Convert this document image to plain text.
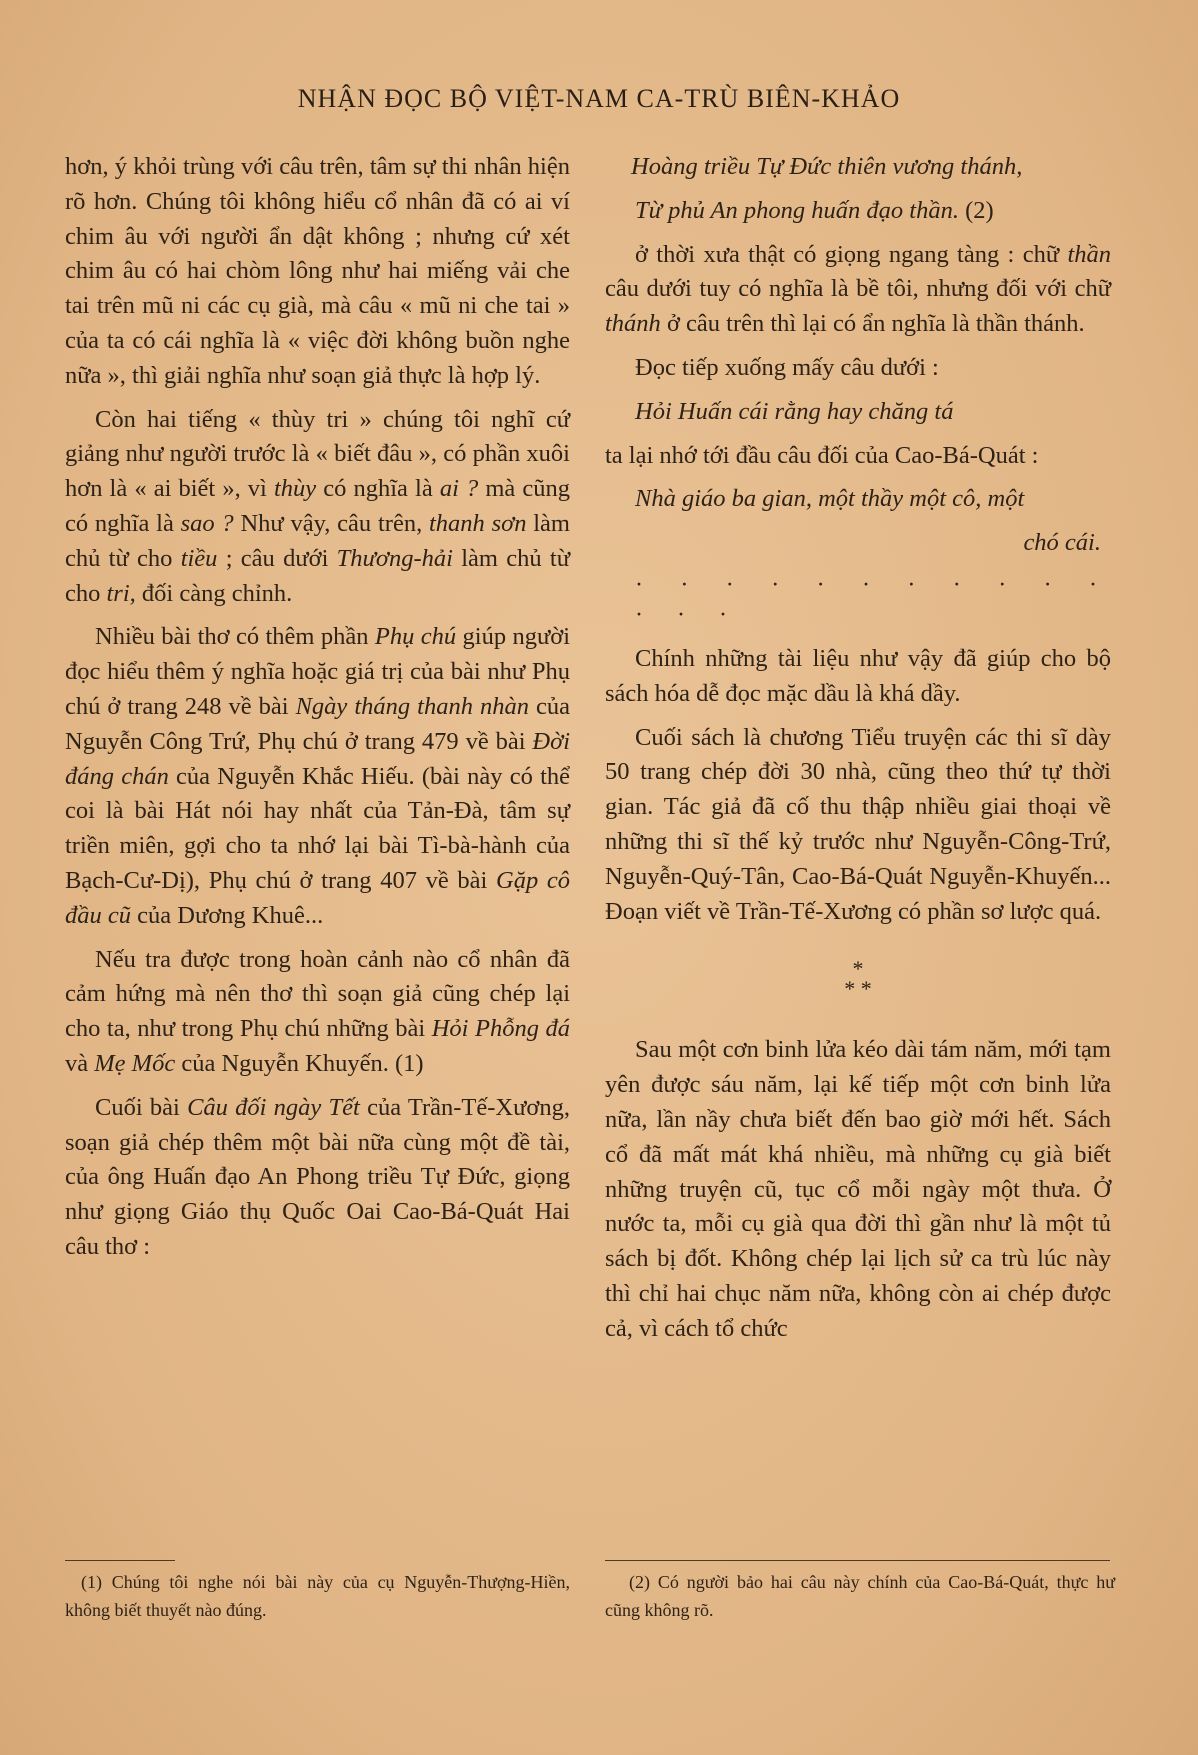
NHẬN ĐỌC BỘ VIỆT-NAM CA-TRÙ BIÊN-KHẢO

hơn, ý khỏi trùng với câu trên, tâm sự thi nhân hiện rõ hơn. Chúng tôi không hiểu cổ nhân đã có ai ví chim âu với người ẩn dật không ; nhưng cứ xét chim âu có hai chòm lông như hai miếng vải che tai trên mũ ni các cụ già, mà câu « mũ ni che tai » của ta có cái nghĩa là « việc đời không buồn nghe nữa », thì giải nghĩa như soạn giả thực là hợp lý.

Còn hai tiếng « thùy tri » chúng tôi nghĩ cứ giảng như người trước là « biết đâu », có phần xuôi hơn là « ai biết », vì thùy có nghĩa là ai ? mà cũng có nghĩa là sao ? Như vậy, câu trên, thanh sơn làm chủ từ cho tiều ; câu dưới Thương-hải làm chủ từ cho tri, đối càng chỉnh.

Nhiều bài thơ có thêm phần Phụ chú giúp người đọc hiểu thêm ý nghĩa hoặc giá trị của bài như Phụ chú ở trang 248 về bài Ngày tháng thanh nhàn của Nguyễn Công Trứ, Phụ chú ở trang 479 về bài Đời đáng chán của Nguyễn Khắc Hiếu. (bài này có thể coi là bài Hát nói hay nhất của Tản-Đà, tâm sự triền miên, gợi cho ta nhớ lại bài Tì-bà-hành của Bạch-Cư-Dị), Phụ chú ở trang 407 về bài Gặp cô đầu cũ của Dương Khuê...

Nếu tra được trong hoàn cảnh nào cổ nhân đã cảm hứng mà nên thơ thì soạn giả cũng chép lại cho ta, như trong Phụ chú những bài Hỏi Phỗng đá và Mẹ Mốc của Nguyễn Khuyến. (1)

Cuối bài Câu đối ngày Tết của Trần-Tế-Xương, soạn giả chép thêm một bài nữa cùng một đề tài, của ông Huấn đạo An Phong triều Tự Đức, giọng như giọng Giáo thụ Quốc Oai Cao-Bá-Quát Hai câu thơ :

(1) Chúng tôi nghe nói bài này của cụ Nguyễn-Thượng-Hiền, không biết thuyết nào đúng.

Hoàng triều Tự Đức thiên vương thánh,

Từ phủ An phong huấn đạo thần. (2)

ở thời xưa thật có giọng ngang tàng : chữ thần câu dưới tuy có nghĩa là bề tôi, nhưng đối với chữ thánh ở câu trên thì lại có ẩn nghĩa là thần thánh.

Đọc tiếp xuống mấy câu dưới :

Hỏi Huấn cái rằng hay chăng tá

ta lại nhớ tới đầu câu đối của Cao-Bá-Quát :

Nhà giáo ba gian, một thầy một cô, một

chó cái.

· · · · · · · · · · · · · ·

Chính những tài liệu như vậy đã giúp cho bộ sách hóa dễ đọc mặc dầu là khá dầy.

Cuối sách là chương Tiểu truyện các thi sĩ dày 50 trang chép đời 30 nhà, cũng theo thứ tự thời gian. Tác giả đã cố thu thập nhiều giai thoại về những thi sĩ thế kỷ trước như Nguyễn-Công-Trứ, Nguyễn-Quý-Tân, Cao-Bá-Quát Nguyễn-Khuyến... Đoạn viết về Trần-Tế-Xương có phần sơ lược quá.

*
* *

Sau một cơn binh lửa kéo dài tám năm, mới tạm yên được sáu năm, lại kế tiếp một cơn binh lửa nữa, lần nầy chưa biết đến bao giờ mới hết. Sách cổ đã mất mát khá nhiều, mà những cụ già biết những truyện cũ, tục cổ mỗi ngày một thưa. Ở nước ta, mỗi cụ già qua đời thì gần như là một tủ sách bị đốt. Không chép lại lịch sử ca trù lúc này thì chỉ hai chục năm nữa, không còn ai chép được cả, vì cách tổ chức

(2) Có người bảo hai câu này chính của Cao-Bá-Quát, thực hư cũng không rõ.
